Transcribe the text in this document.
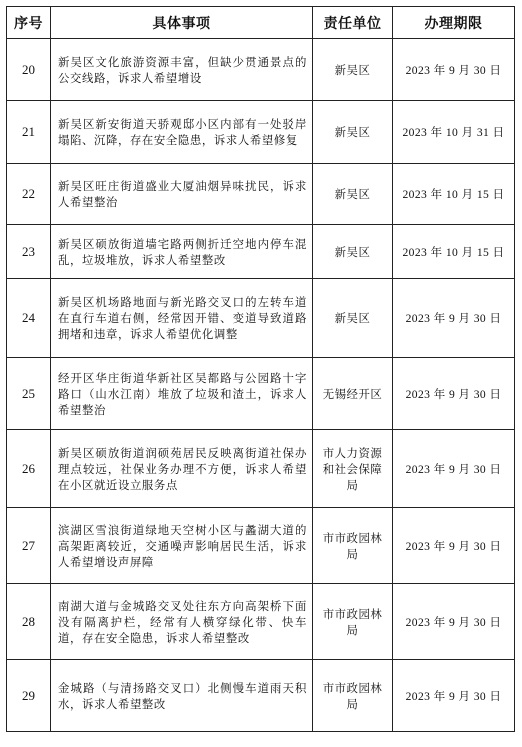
序号	具体事项	责任单位	办理期限
20	新吴区文化旅游资源丰富，但缺少贯通景点的公交线路，诉求人希望增设	新吴区	2023 年 9 月 30 日
21	新吴区新安街道天骄观邸小区内部有一处驳岸塌陷、沉降，存在安全隐患，诉求人希望修复	新吴区	2023 年 10 月 31 日
22	新吴区旺庄街道盛业大厦油烟异味扰民，诉求人希望整治	新吴区	2023 年 10 月 15 日
23	新吴区硕放街道墙宅路两侧折迁空地内停车混乱，垃圾堆放，诉求人希望整改	新吴区	2023 年 10 月 15 日
24	新吴区机场路地面与新光路交叉口的左转车道在直行车道右侧，经常因开错、变道导致道路拥堵和违章，诉求人希望优化调整	新吴区	2023 年 9 月 30 日
25	经开区华庄街道华新社区吴都路与公园路十字路口（山水江南）堆放了垃圾和渣土，诉求人希望整治	无锡经开区	2023 年 9 月 30 日
26	新吴区硕放街道润硕苑居民反映离街道社保办理点较远，社保业务办理不方便，诉求人希望在小区就近设立服务点	市人力资源和社会保障局	2023 年 9 月 30 日
27	滨湖区雪浪街道绿地天空树小区与蠡湖大道的高架距离较近，交通噪声影响居民生活，诉求人希望增设声屏障	市市政园林局	2023 年 9 月 30 日
28	南湖大道与金城路交叉处往东方向高架桥下面没有隔离护栏，经常有人横穿绿化带、快车道，存在安全隐患，诉求人希望整改	市市政园林局	2023 年 9 月 30 日
29	金城路（与清扬路交叉口）北侧慢车道雨天积水，诉求人希望整改	市市政园林局	2023 年 9 月 30 日
